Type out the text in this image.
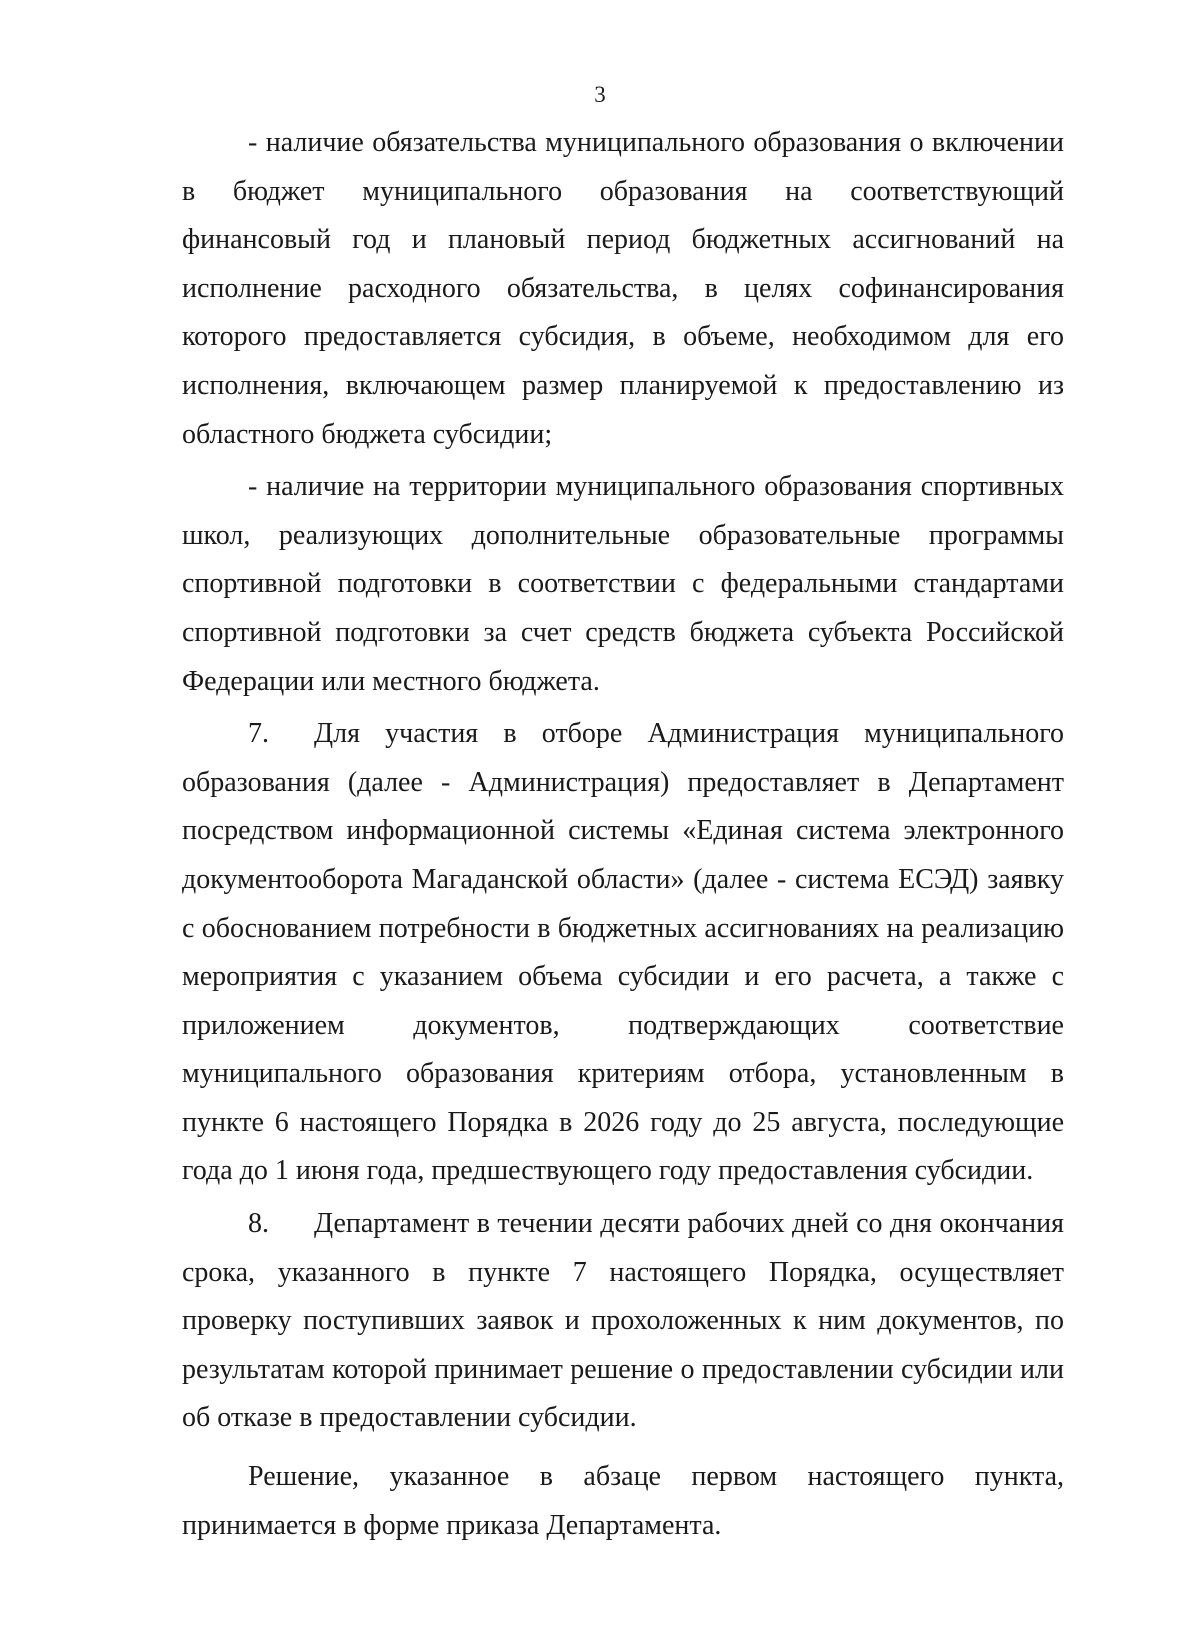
3

- наличие обязательства муниципального образования о включении в бюджет муниципального образования на соответствующий финансовый год и плановый период бюджетных ассигнований на исполнение расходного обязательства, в целях софинансирования которого предоставляется субсидия, в объеме, необходимом для его исполнения, включающем размер планируемой к предоставлению из областного бюджета субсидии;

- наличие на территории муниципального образования спортивных школ, реализующих дополнительные образовательные программы спортивной подготовки в соответствии с федеральными стандартами спортивной подготовки за счет средств бюджета субъекта Российской Федерации или местного бюджета.

7. Для участия в отборе Администрация муниципального образования (далее - Администрация) предоставляет в Департамент посредством информационной системы «Единая система электронного документооборота Магаданской области» (далее - система ЕСЭД) заявку с обоснованием потребности в бюджетных ассигнованиях на реализацию мероприятия с указанием объема субсидии и его расчета, а также с приложением документов, подтверждающих соответствие муниципального образования критериям отбора, установленным в пункте 6 настоящего Порядка в 2026 году до 25 августа, последующие года до 1 июня года, предшествующего году предоставления субсидии.

8. Департамент в течении десяти рабочих дней со дня окончания срока, указанного в пункте 7 настоящего Порядка, осуществляет проверку поступивших заявок и прохоложенных к ним документов, по результатам которой принимает решение о предоставлении субсидии или об отказе в предоставлении субсидии.

Решение, указанное в абзаце первом настоящего пункта, принимается в форме приказа Департамента.
